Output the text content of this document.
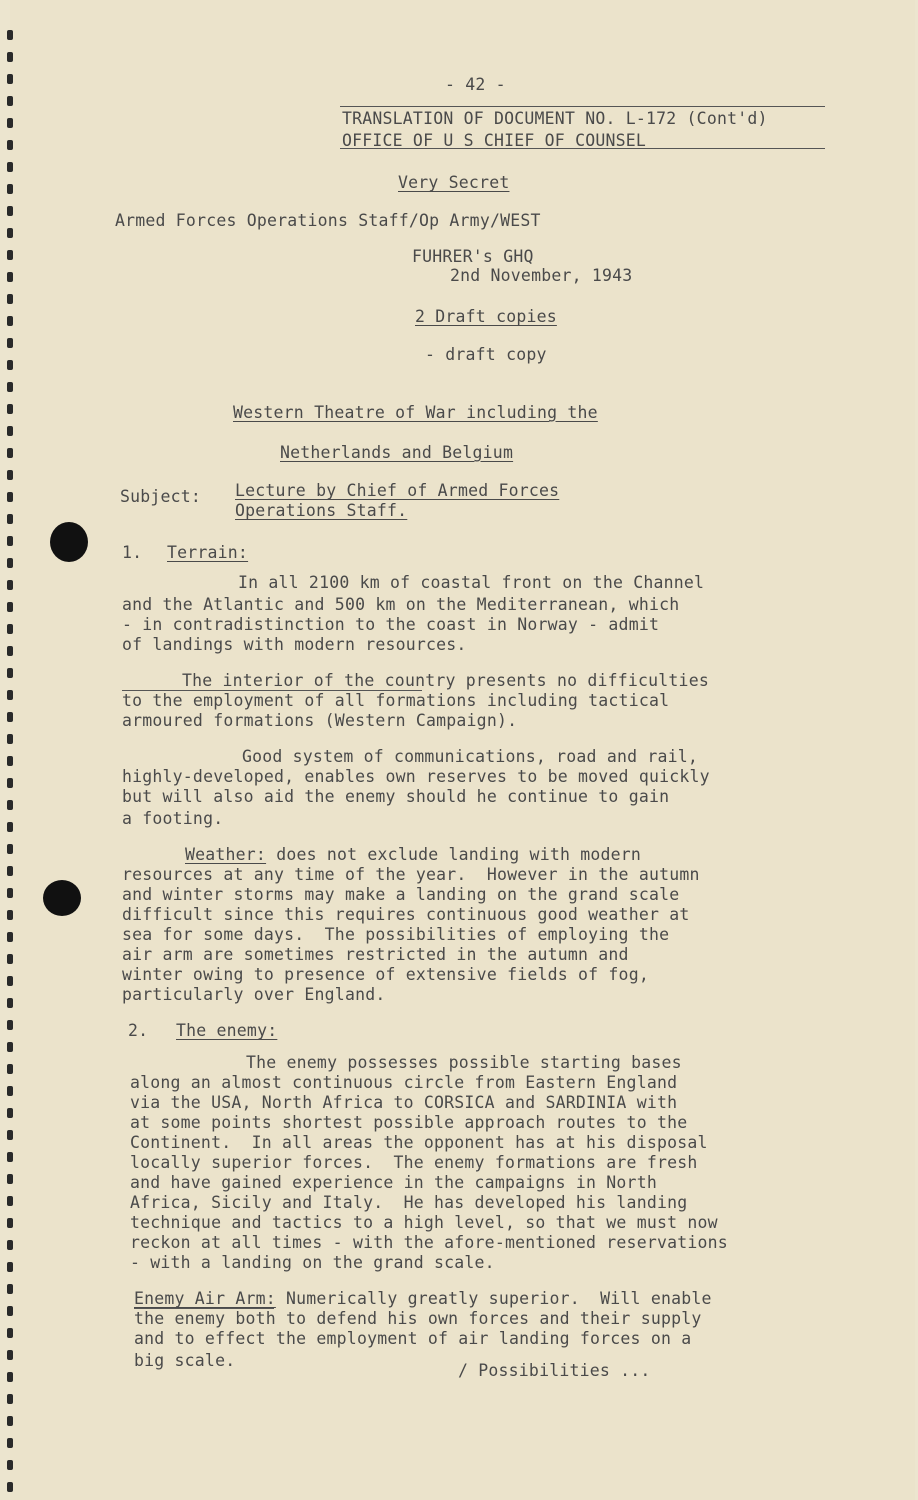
- 42 -
TRANSLATION OF DOCUMENT NO. L-172 (Cont'd)
OFFICE OF U S CHIEF OF COUNSEL
Very Secret
Armed Forces Operations Staff/Op Army/WEST
FUHRER's GHQ
2nd November, 1943
2 Draft copies
- draft copy
Western Theatre of War including the
Netherlands and Belgium
Subject: Lecture by Chief of Armed Forces
Operations Staff.
1. Terrain:
In all 2100 km of coastal front on the Channel
and the Atlantic and 500 km on the Mediterranean, which
- in contradistinction to the coast in Norway - admit
of landings with modern resources.
The interior of the country presents no difficulties
to the employment of all formations including tactical
armoured formations (Western Campaign).
Good system of communications, road and rail,
highly-developed, enables own reserves to be moved quickly
but will also aid the enemy should he continue to gain
a footing.
Weather: does not exclude landing with modern
resources at any time of the year.  However in the autumn
and winter storms may make a landing on the grand scale
difficult since this requires continuous good weather at
sea for some days.  The possibilities of employing the
air arm are sometimes restricted in the autumn and
winter owing to presence of extensive fields of fog,
particularly over England.
2. The enemy:
The enemy possesses possible starting bases
along an almost continuous circle from Eastern England
via the USA, North Africa to CORSICA and SARDINIA with
at some points shortest possible approach routes to the
Continent.  In all areas the opponent has at his disposal
locally superior forces.  The enemy formations are fresh
and have gained experience in the campaigns in North
Africa, Sicily and Italy.  He has developed his landing
technique and tactics to a high level, so that we must now
reckon at all times - with the afore-mentioned reservations
- with a landing on the grand scale.
Enemy Air Arm: Numerically greatly superior.  Will enable
the enemy both to defend his own forces and their supply
and to effect the employment of air landing forces on a
big scale.
/ Possibilities ...
